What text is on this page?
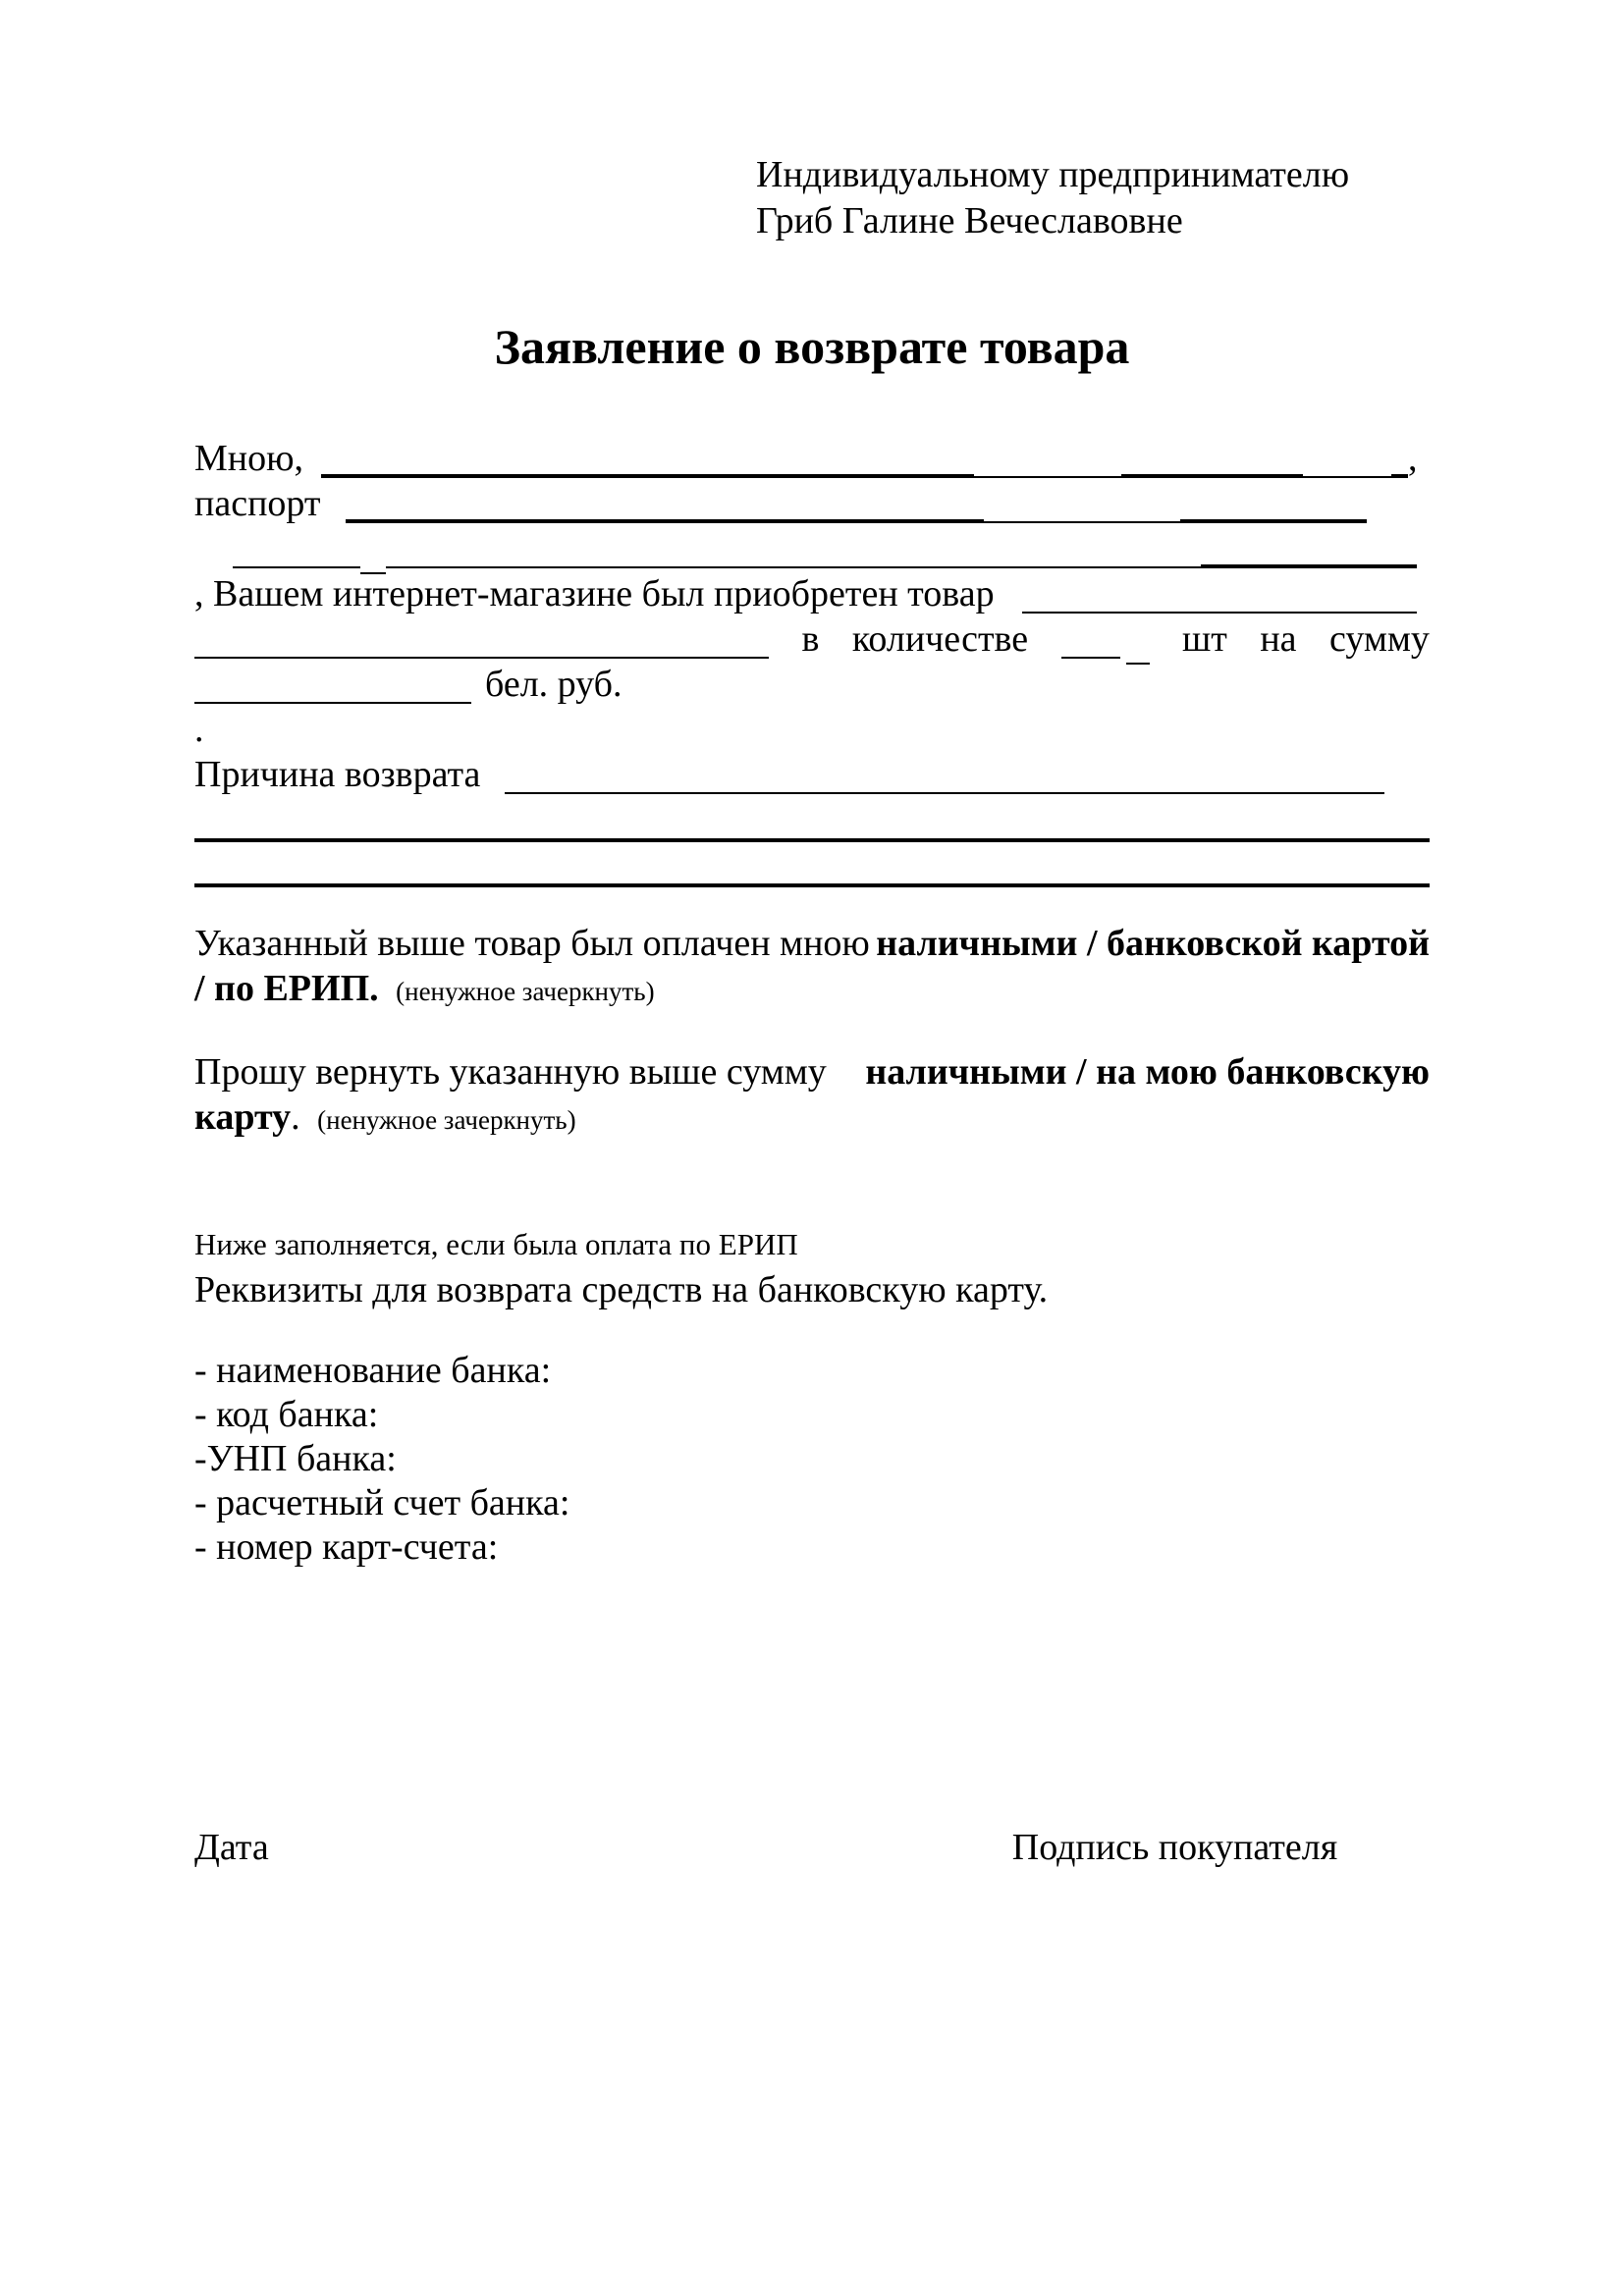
Индивидуальному предпринимателю
Гриб Галине Вечеславовне
Заявление о возврате товара
Мною,	,
паспорт
, Вашем интернет-магазине был приобретен товар
в количестве	шт на сумму
бел. руб.
.
Причина возврата
Указанный выше товар был оплачен мною наличными / банковской картой
/ по ЕРИП. (ненужное зачеркнуть)
Прошу вернуть указанную выше сумму наличными / на мою банковскую
карту. (ненужное зачеркнуть)
Ниже заполняется, если была оплата по ЕРИП
Реквизиты для возврата средств на банковскую карту.
- наименование банка:
- код банка:
-УНП банка:
- расчетный счет банка:
- номер карт-счета:
Дата	Подпись покупателя
